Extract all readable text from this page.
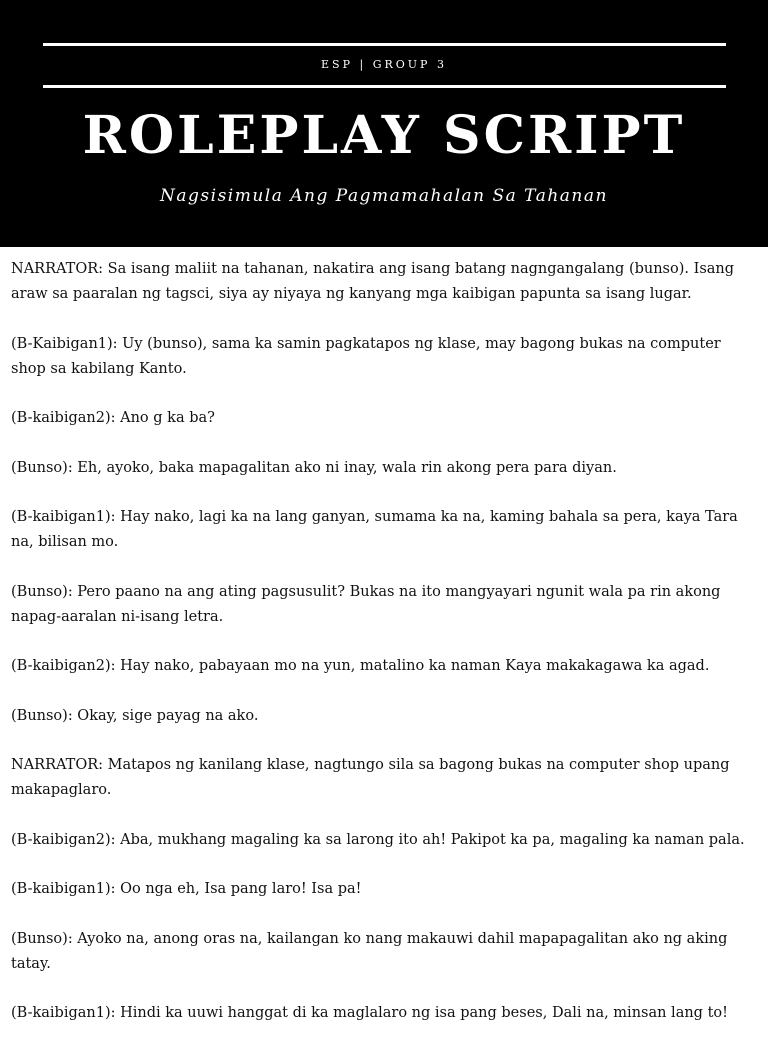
ESP | GROUP 3
ROLEPLAY SCRIPT
Nagsisimula Ang Pagmamahalan Sa Tahanan

NARRATOR: Sa isang maliit na tahanan, nakatira ang isang batang nagngangalang (bunso). Isang araw sa paaralan ng tagsci, siya ay niyaya ng kanyang mga kaibigan papunta sa isang lugar.

(B-Kaibigan1): Uy (bunso), sama ka samin pagkatapos ng klase, may bagong bukas na computer shop sa kabilang Kanto.

(B-kaibigan2): Ano g ka ba?

(Bunso): Eh, ayoko, baka mapagalitan ako ni inay, wala rin akong pera para diyan.

(B-kaibigan1): Hay nako, lagi ka na lang ganyan, sumama ka na, kaming bahala sa pera, kaya Tara na, bilisan mo.

(Bunso): Pero paano na ang ating pagsusulit? Bukas na ito mangyayari ngunit wala pa rin akong napag-aaralan ni-isang letra.

(B-kaibigan2): Hay nako, pabayaan mo na yun, matalino ka naman Kaya makakagawa ka agad.

(Bunso): Okay, sige payag na ako.

NARRATOR: Matapos ng kanilang klase, nagtungo sila sa bagong bukas na computer shop upang makapaglaro.

(B-kaibigan2): Aba, mukhang magaling ka sa larong ito ah! Pakipot ka pa, magaling ka naman pala.

(B-kaibigan1): Oo nga eh, Isa pang laro! Isa pa!

(Bunso): Ayoko na, anong oras na, kailangan ko nang makauwi dahil mapapagalitan ako ng aking tatay.

(B-kaibigan1): Hindi ka uuwi hanggat di ka maglalaro ng isa pang beses, Dali na, minsan lang to!
